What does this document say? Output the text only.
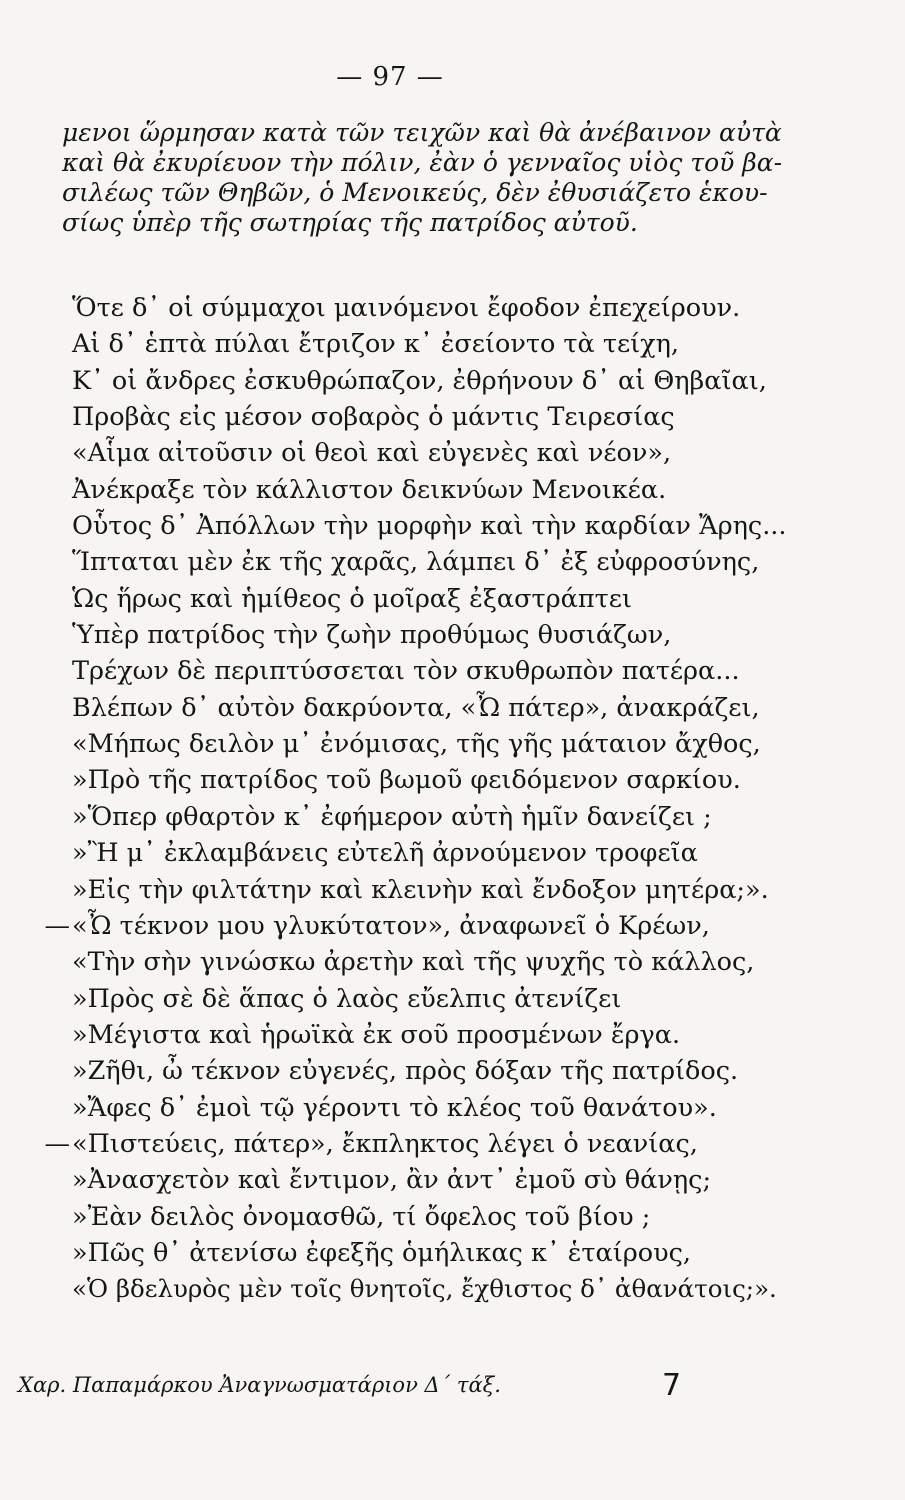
— 97 —
μενοι ὥρμησαν κατὰ τῶν τειχῶν καὶ θὰ ἀνέβαινον αὐτὰ
καὶ θὰ ἐκυρίευον τὴν πόλιν, ἐὰν ὁ γενναῖος υἱὸς τοῦ βα-
σιλέως τῶν Θηβῶν, ὁ Μενοικεύς, δὲν ἐθυσιάζετο ἑκου-
σίως ὑπὲρ τῆς σωτηρίας τῆς πατρίδος αὐτοῦ.
Ὅτε δ᾽ οἱ σύμμαχοι μαινόμενοι ἔφοδον ἐπεχείρουν.
Αἱ δ᾽ ἑπτὰ πύλαι ἔτριζον κ᾽ ἐσείοντο τὰ τείχη,
Κ᾽ οἱ ἄνδρες ἐσκυθρώπαζον, ἐθρήνουν δ᾽ αἱ Θηβαῖαι,
Προβὰς εἰς μέσον σοβαρὸς ὁ μάντις Τειρεσίας
«Αἷμα αἰτοῦσιν οἱ θεοὶ καὶ εὐγενὲς καὶ νέον»,
Ἀνέκραξε τὸν κάλλιστον δεικνύων Μενοικέα.
Οὗτος δ᾽ Ἀπόλλων τὴν μορφὴν καὶ τὴν καρδίαν Ἄρης...
Ἵπταται μὲν ἐκ τῆς χαρᾶς, λάμπει δ᾽ ἐξ εὐφροσύνης,
Ὡς ἥρως καὶ ἡμίθεος ὁ μοῖραξ ἐξαστράπτει
Ὑπὲρ πατρίδος τὴν ζωὴν προθύμως θυσιάζων,
Τρέχων δὲ περιπτύσσεται τὸν σκυθρωπὸν πατέρα...
Βλέπων δ᾽ αὐτὸν δακρύοντα, «Ὦ πάτερ», ἀνακράζει,
«Μήπως δειλὸν μ᾽ ἐνόμισας, τῆς γῆς μάταιον ἄχθος,
»Πρὸ τῆς πατρίδος τοῦ βωμοῦ φειδόμενον σαρκίου.
»Ὅπερ φθαρτὸν κ᾽ ἐφήμερον αὐτὴ ἡμῖν δανείζει ;
»Ἢ μ᾽ ἐκλαμβάνεις εὐτελῆ ἀρνούμενον τροφεῖα
»Εἰς τὴν φιλτάτην καὶ κλεινὴν καὶ ἔνδοξον μητέρα;».
—«Ὦ τέκνον μου γλυκύτατον», ἀναφωνεῖ ὁ Κρέων,
«Τὴν σὴν γινώσκω ἀρετὴν καὶ τῆς ψυχῆς τὸ κάλλος,
»Πρὸς σὲ δὲ ἅπας ὁ λαὸς εὔελπις ἀτενίζει
»Μέγιστα καὶ ἡρωϊκὰ ἐκ σοῦ προσμένων ἔργα.
»Ζῆθι, ὦ τέκνον εὐγενές, πρὸς δόξαν τῆς πατρίδος.
»Ἄφες δ᾽ ἐμοὶ τῷ γέροντι τὸ κλέος τοῦ θανάτου».
—«Πιστεύεις, πάτερ», ἔκπληκτος λέγει ὁ νεανίας,
»Ἀνασχετὸν καὶ ἔντιμον, ἂν ἀντ᾽ ἐμοῦ σὺ θάνῃς;
»Ἐὰν δειλὸς ὀνομασθῶ, τί ὄφελος τοῦ βίου ;
»Πῶς θ᾽ ἀτενίσω ἐφεξῆς ὁμήλικας κ᾽ ἑταίρους,
«Ὁ βδελυρὸς μὲν τοῖς θνητοῖς, ἔχθιστος δ᾽ ἀθανάτοις;».
Χαρ. Παπαμάρκου Ἀναγνωσματάριον Δ´ τάξ.	7
